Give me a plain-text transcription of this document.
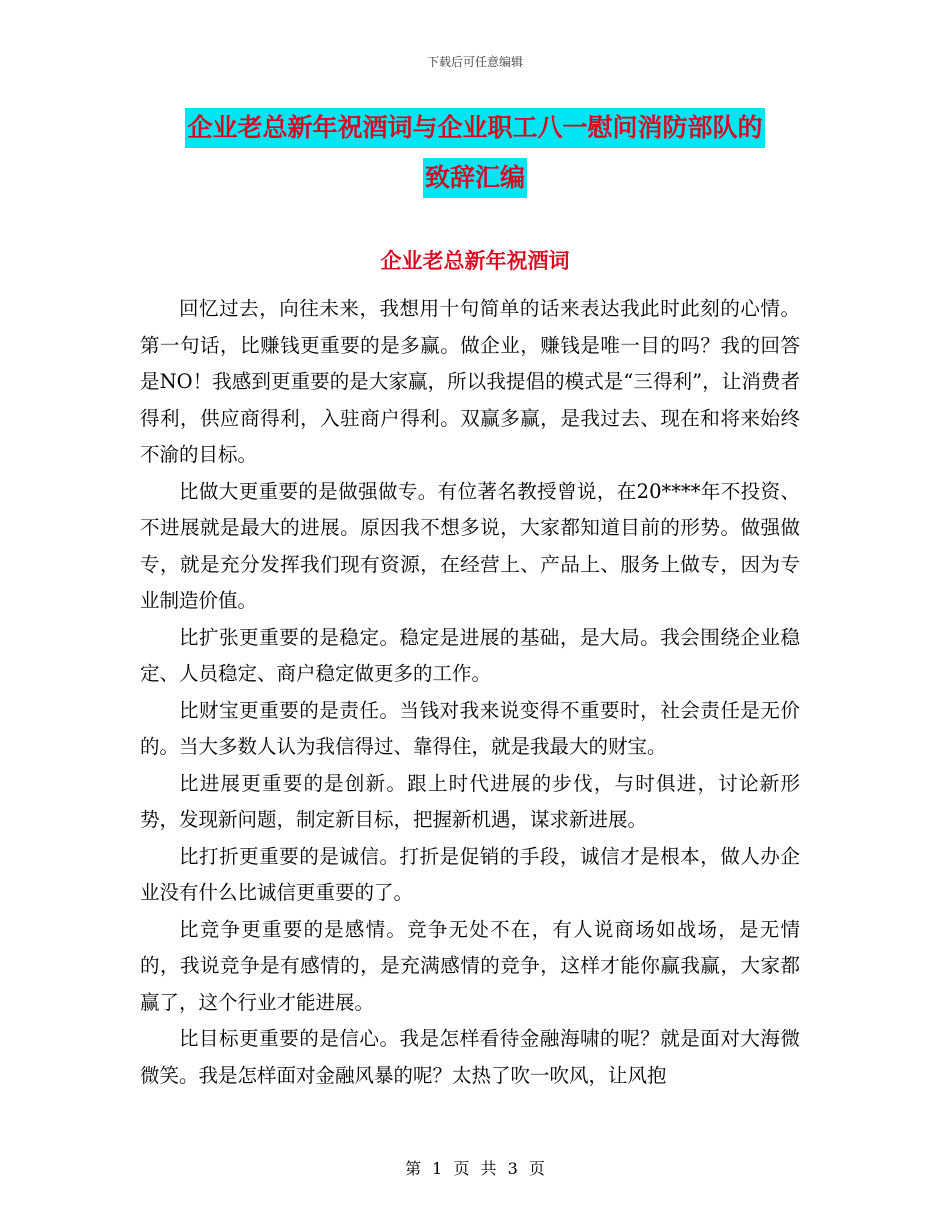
下载后可任意编辑
企业老总新年祝酒词与企业职工八一慰问消防部队的
致辞汇编
企业老总新年祝酒词

回忆过去，向往未来，我想用十句简单的话来表达我此时此刻的心情。第一句话，比赚钱更重要的是多赢。做企业，赚钱是唯一目的吗？我的回答是NO！我感到更重要的是大家赢，所以我提倡的模式是“三得利”，让消费者得利，供应商得利，入驻商户得利。双赢多赢，是我过去、现在和将来始终不渝的目标。

比做大更重要的是做强做专。有位著名教授曾说，在20****年不投资、不进展就是最大的进展。原因我不想多说，大家都知道目前的形势。做强做专，就是充分发挥我们现有资源，在经营上、产品上、服务上做专，因为专业制造价值。

比扩张更重要的是稳定。稳定是进展的基础，是大局。我会围绕企业稳定、人员稳定、商户稳定做更多的工作。

比财宝更重要的是责任。当钱对我来说变得不重要时，社会责任是无价的。当大多数人认为我信得过、靠得住，就是我最大的财宝。

比进展更重要的是创新。跟上时代进展的步伐，与时俱进，讨论新形势，发现新问题，制定新目标，把握新机遇，谋求新进展。

比打折更重要的是诚信。打折是促销的手段，诚信才是根本，做人办企业没有什么比诚信更重要的了。

比竞争更重要的是感情。竞争无处不在，有人说商场如战场，是无情的，我说竞争是有感情的，是充满感情的竞争，这样才能你赢我赢，大家都赢了，这个行业才能进展。

比目标更重要的是信心。我是怎样看待金融海啸的呢？就是面对大海微微笑。我是怎样面对金融风暴的呢？太热了吹一吹风，让风抱

第 1 页 共 3 页
